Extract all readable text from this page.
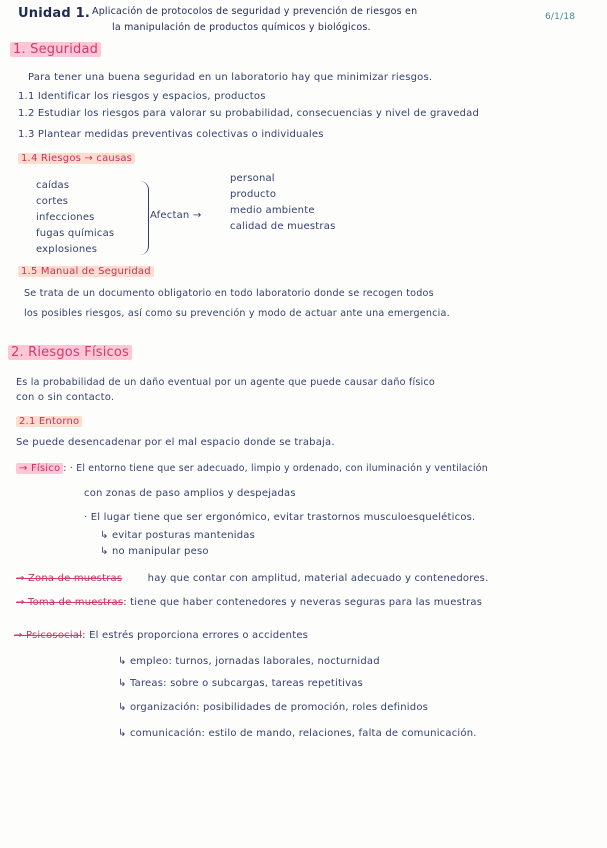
Unidad 1. Aplicación de protocolos de seguridad y prevención de riesgos en
la manipulación de productos químicos y biológicos.
6/1/18
1. Seguridad
Para tener una buena seguridad en un laboratorio hay que minimizar riesgos.
1.1 Identificar los riesgos y espacios, productos
1.2 Estudiar los riesgos para valorar su probabilidad, consecuencias y nivel de gravedad
1.3 Plantear medidas preventivas colectivas o individuales
1.4 Riesgos → causas
caídas
cortes
infecciones
fugas químicas
explosiones
Afectan →
personal
producto
medio ambiente
calidad de muestras
1.5 Manual de Seguridad
Se trata de un documento obligatorio en todo laboratorio donde se recogen todos
los posibles riesgos, así como su prevención y modo de actuar ante una emergencia.
2. Riesgos Físicos
Es la probabilidad de un daño eventual por un agente que puede causar daño físico
con o sin contacto.
2.1 Entorno
Se puede desencadenar por el mal espacio donde se trabaja.
→ Físico : · El entorno tiene que ser adecuado, limpio y ordenado, con iluminación y ventilación
con zonas de paso amplios y despejadas
· El lugar tiene que ser ergonómico, evitar trastornos musculoesqueléticos.
↳ evitar posturas mantenidas
↳ no manipular peso
→ Zona de muestras	hay que contar con amplitud, material adecuado y contenedores.
→ Toma de muestras: tiene que haber contenedores y neveras seguras para las muestras
→ Psicosocial: El estrés proporciona errores o accidentes
↳ empleo: turnos, jornadas laborales, nocturnidad
↳ Tareas: sobre o subcargas, tareas repetitivas
↳ organización: posibilidades de promoción, roles definidos
↳ comunicación: estilo de mando, relaciones, falta de comunicación.
